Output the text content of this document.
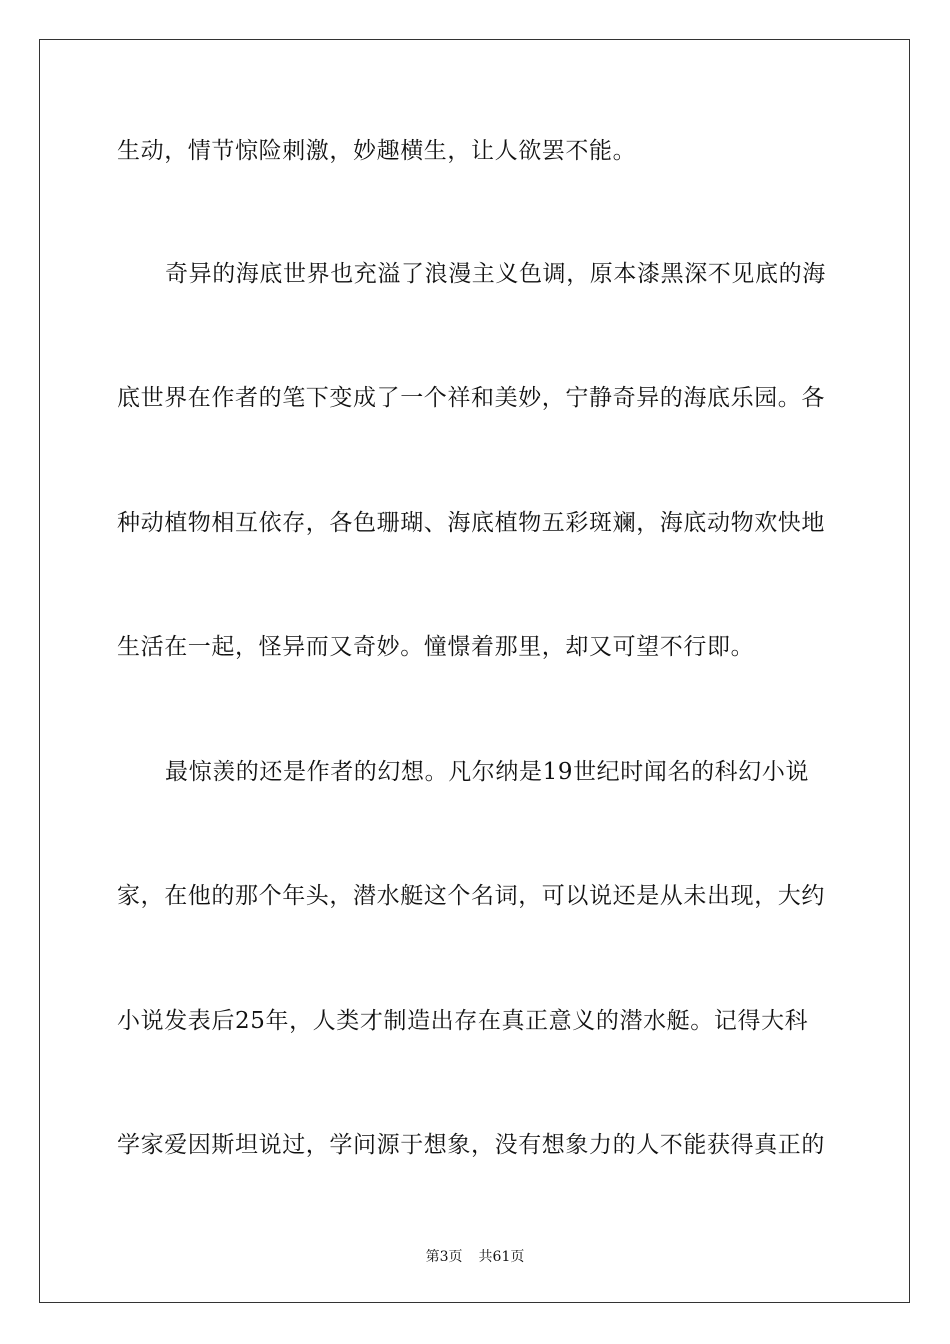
生动，情节惊险刺激，妙趣横生，让人欲罢不能。

奇异的海底世界也充溢了浪漫主义色调，原本漆黑深不见底的海

底世界在作者的笔下变成了一个祥和美妙，宁静奇异的海底乐园。各

种动植物相互依存，各色珊瑚、海底植物五彩斑斓，海底动物欢快地

生活在一起，怪异而又奇妙。憧憬着那里，却又可望不行即。

最惊羡的还是作者的幻想。凡尔纳是19世纪时闻名的科幻小说

家，在他的那个年头，潜水艇这个名词，可以说还是从未出现，大约

小说发表后25年，人类才制造出存在真正意义的潜水艇。记得大科

学家爱因斯坦说过，学问源于想象，没有想象力的人不能获得真正的

第3页 共61页
